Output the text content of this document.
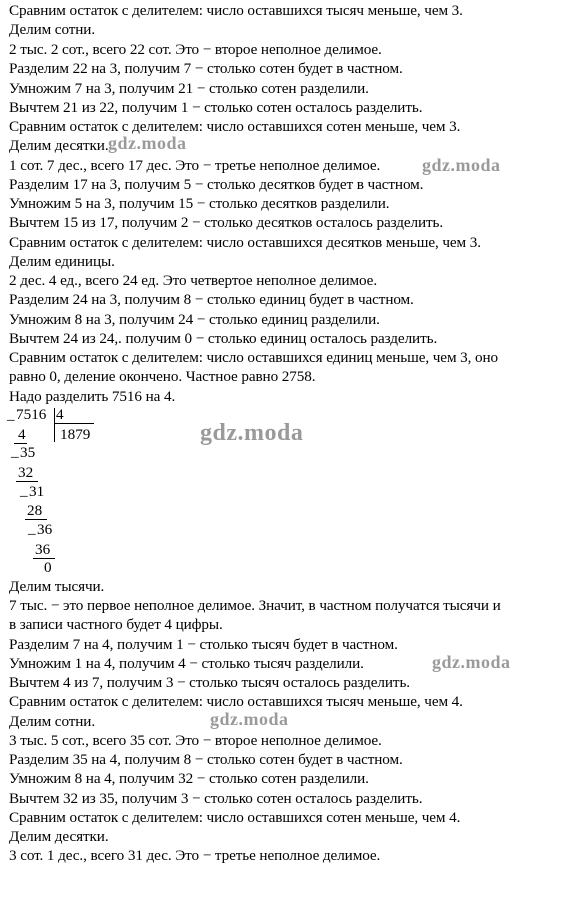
Сравним остаток с делителем: число оставшихся тысяч меньше, чем 3.
Делим сотни.
2 тыс. 2 сот., всего 22 сот. Это − второе неполное делимое.
Разделим 22 на 3, получим 7 − столько сотен будет в частном.
Умножим 7 на 3, получим 21 − столько сотен разделили.
Вычтем 21 из 22, получим 1 − столько сотен осталось разделить.
Сравним остаток с делителем: число оставшихся сотен меньше, чем 3.
Делим десятки.
1 сот. 7 дес., всего 17 дес. Это − третье неполное делимое.
Разделим 17 на 3, получим 5 − столько десятков будет в частном.
Умножим 5 на 3, получим 15 − столько десятков разделили.
Вычтем 15 из 17, получим 2 − столько десятков осталось разделить.
Сравним остаток с делителем: число оставшихся десятков меньше, чем 3.
Делим единицы.
2 дес. 4 ед., всего 24 ед. Это четвертое неполное делимое.
Разделим 24 на 3, получим 8 − столько единиц будет в частном.
Умножим 8 на 3, получим 24 − столько единиц разделили.
Вычтем 24 из 24,. получим 0 − столько единиц осталось разделить.
Сравним остаток с делителем: число оставшихся единиц меньше, чем 3, оно
равно 0, деление окончено. Частное равно 2758.
Надо разделить 7516 на 4.
_ 7516 4
1879
4
_ 35
32
_ 31
28
_ 36
36
0
Делим тысячи.
7 тыс. − это первое неполное делимое. Значит, в частном получатся тысячи и
в записи частного будет 4 цифры.
Разделим 7 на 4, получим 1 − столько тысяч будет в частном.
Умножим 1 на 4, получим 4 − столько тысяч разделили.
Вычтем 4 из 7, получим 3 − столько тысяч осталось разделить.
Сравним остаток с делителем: число оставшихся тысяч меньше, чем 4.
Делим сотни.
3 тыс. 5 сот., всего 35 сот. Это − второе неполное делимое.
Разделим 35 на 4, получим 8 − столько сотен будет в частном.
Умножим 8 на 4, получим 32 − столько сотен разделили.
Вычтем 32 из 35, получим 3 − столько сотен осталось разделить.
Сравним остаток с делителем: число оставшихся сотен меньше, чем 4.
Делим десятки.
3 сот. 1 дес., всего 31 дес. Это − третье неполное делимое.
gdz.moda
gdz.moda
gdz.moda
gdz.moda
gdz.moda
